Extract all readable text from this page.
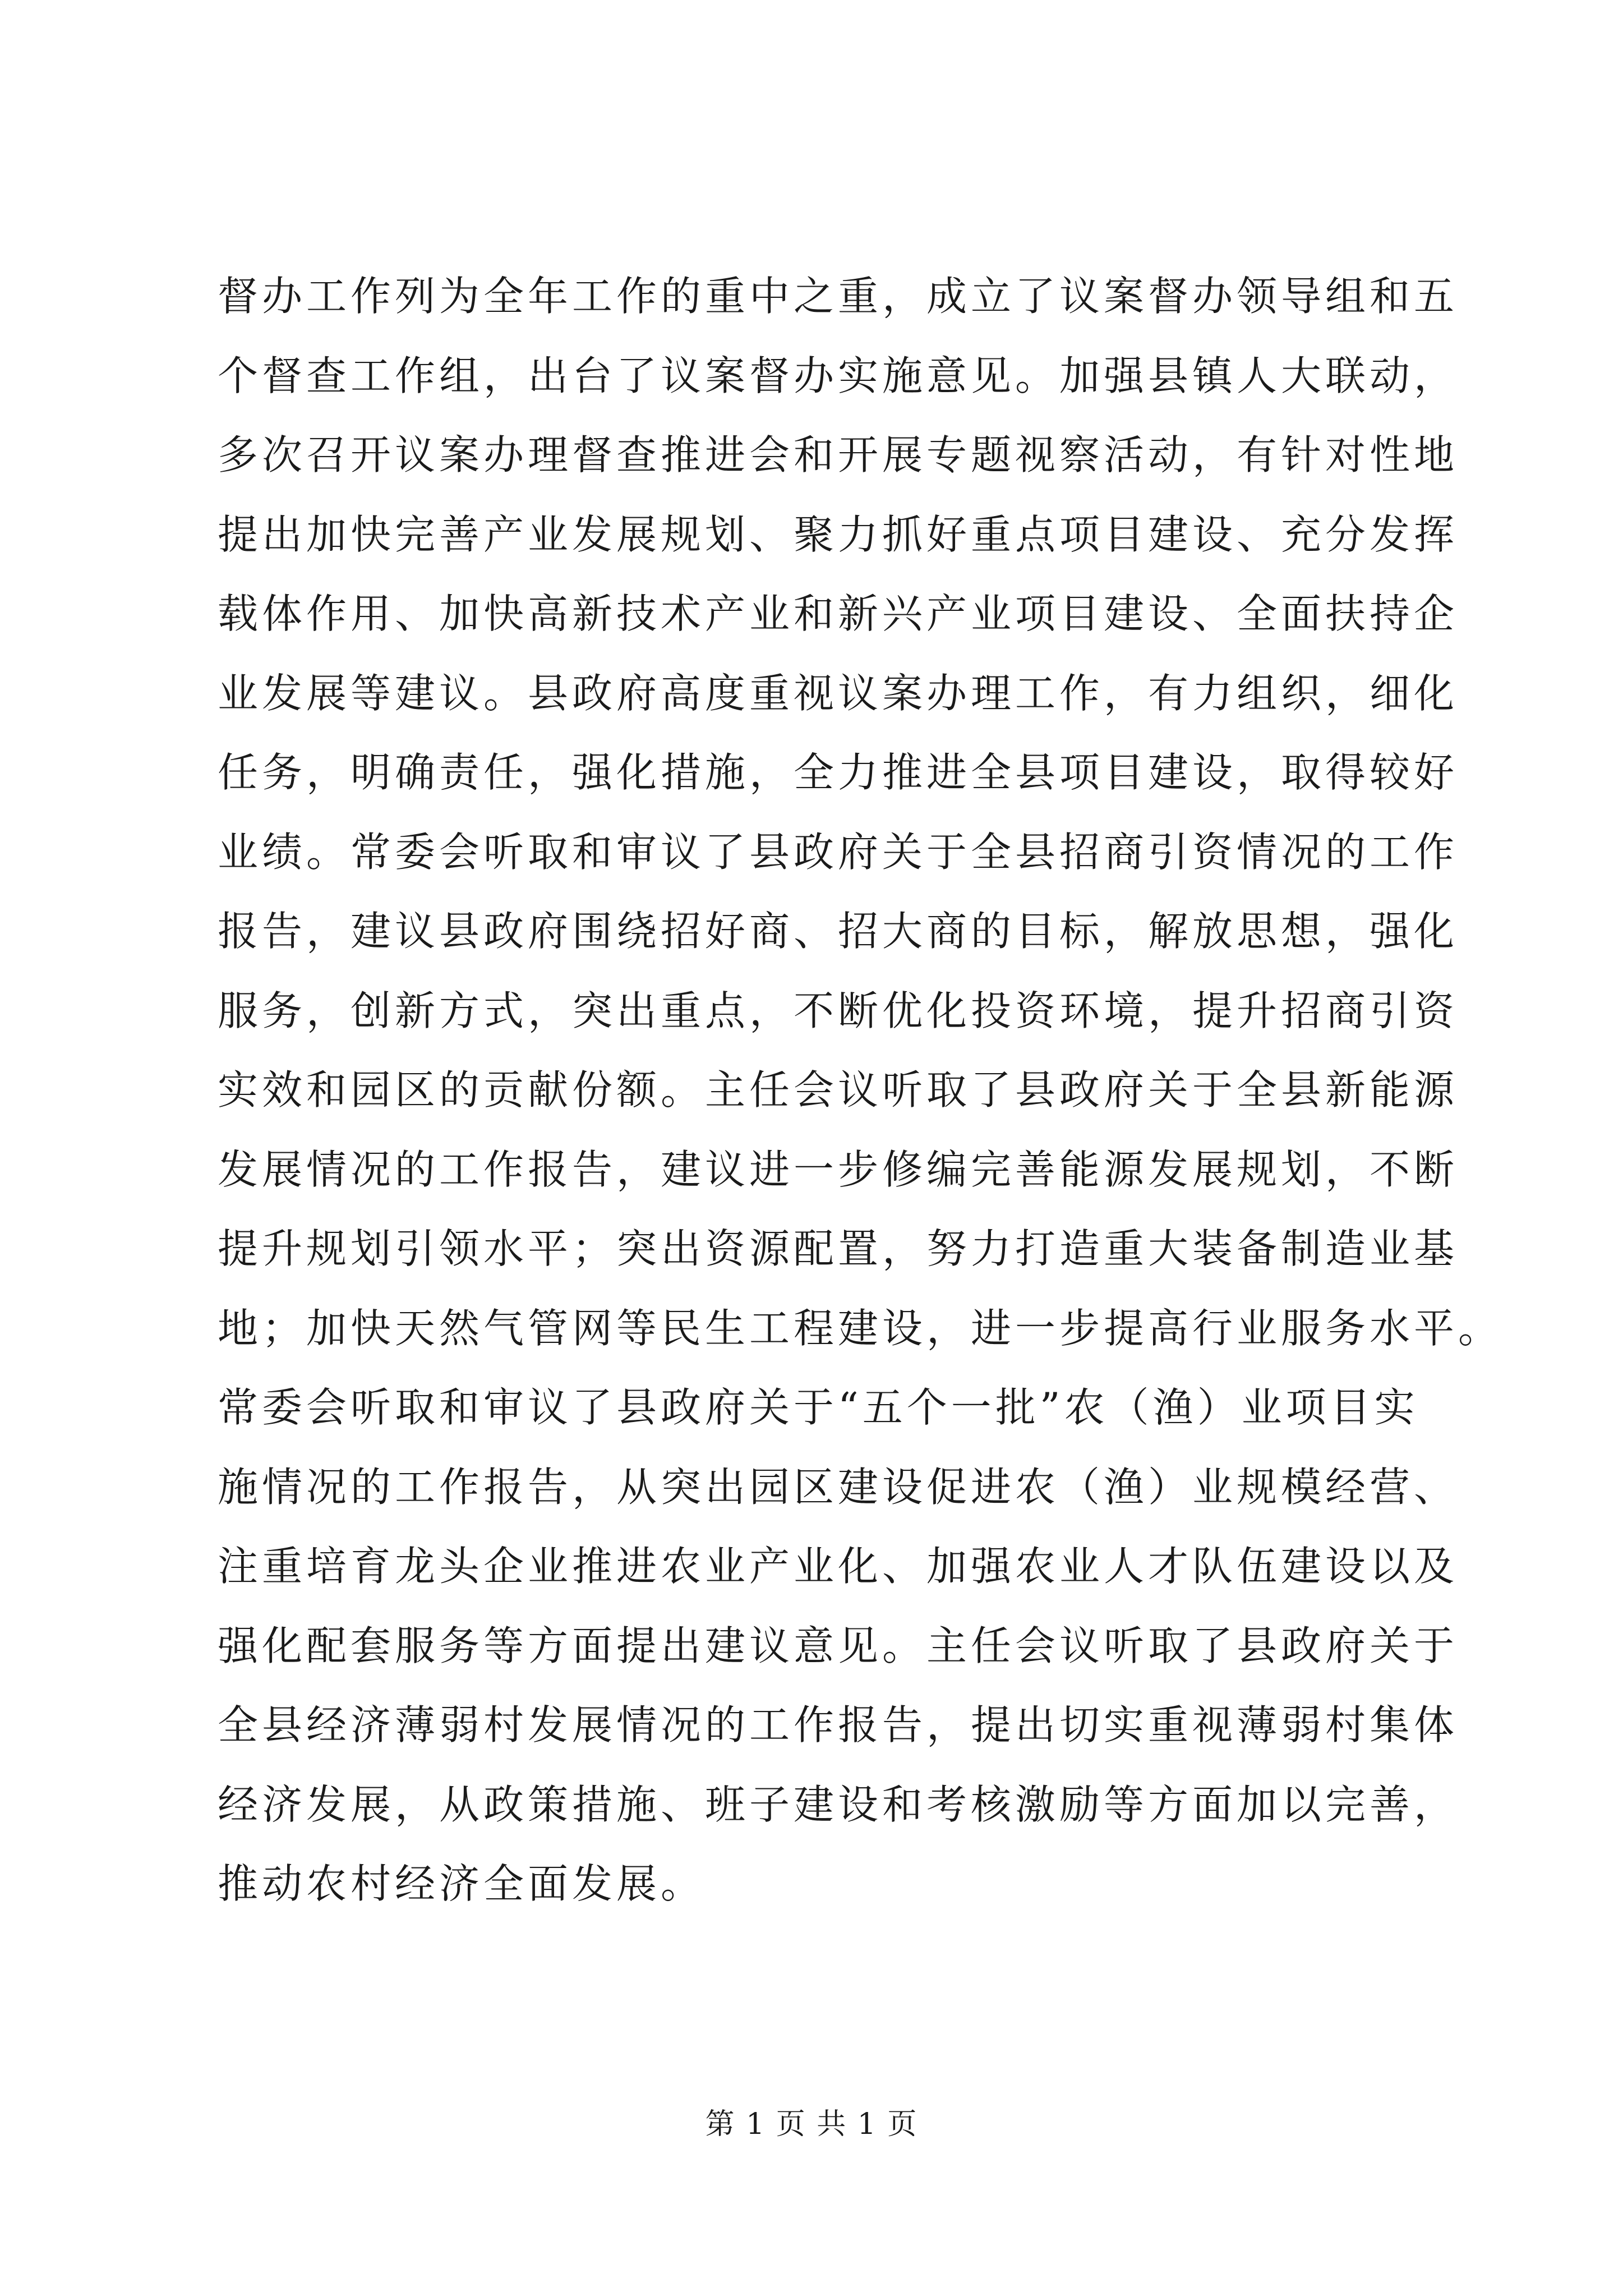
督办工作列为全年工作的重中之重，成立了议案督办领导组和五
个督查工作组，出台了议案督办实施意见。加强县镇人大联动，
多次召开议案办理督查推进会和开展专题视察活动，有针对性地
提出加快完善产业发展规划、聚力抓好重点项目建设、充分发挥
载体作用、加快高新技术产业和新兴产业项目建设、全面扶持企
业发展等建议。县政府高度重视议案办理工作，有力组织，细化
任务，明确责任，强化措施，全力推进全县项目建设，取得较好
业绩。常委会听取和审议了县政府关于全县招商引资情况的工作
报告，建议县政府围绕招好商、招大商的目标，解放思想，强化
服务，创新方式，突出重点，不断优化投资环境，提升招商引资
实效和园区的贡献份额。主任会议听取了县政府关于全县新能源
发展情况的工作报告，建议进一步修编完善能源发展规划，不断
提升规划引领水平；突出资源配置，努力打造重大装备制造业基
地；加快天然气管网等民生工程建设，进一步提高行业服务水平。
常委会听取和审议了县政府关于“五个一批”农（渔）业项目实
施情况的工作报告，从突出园区建设促进农（渔）业规模经营、
注重培育龙头企业推进农业产业化、加强农业人才队伍建设以及
强化配套服务等方面提出建议意见。主任会议听取了县政府关于
全县经济薄弱村发展情况的工作报告，提出切实重视薄弱村集体
经济发展，从政策措施、班子建设和考核激励等方面加以完善，
推动农村经济全面发展。
第 1 页 共 1 页
